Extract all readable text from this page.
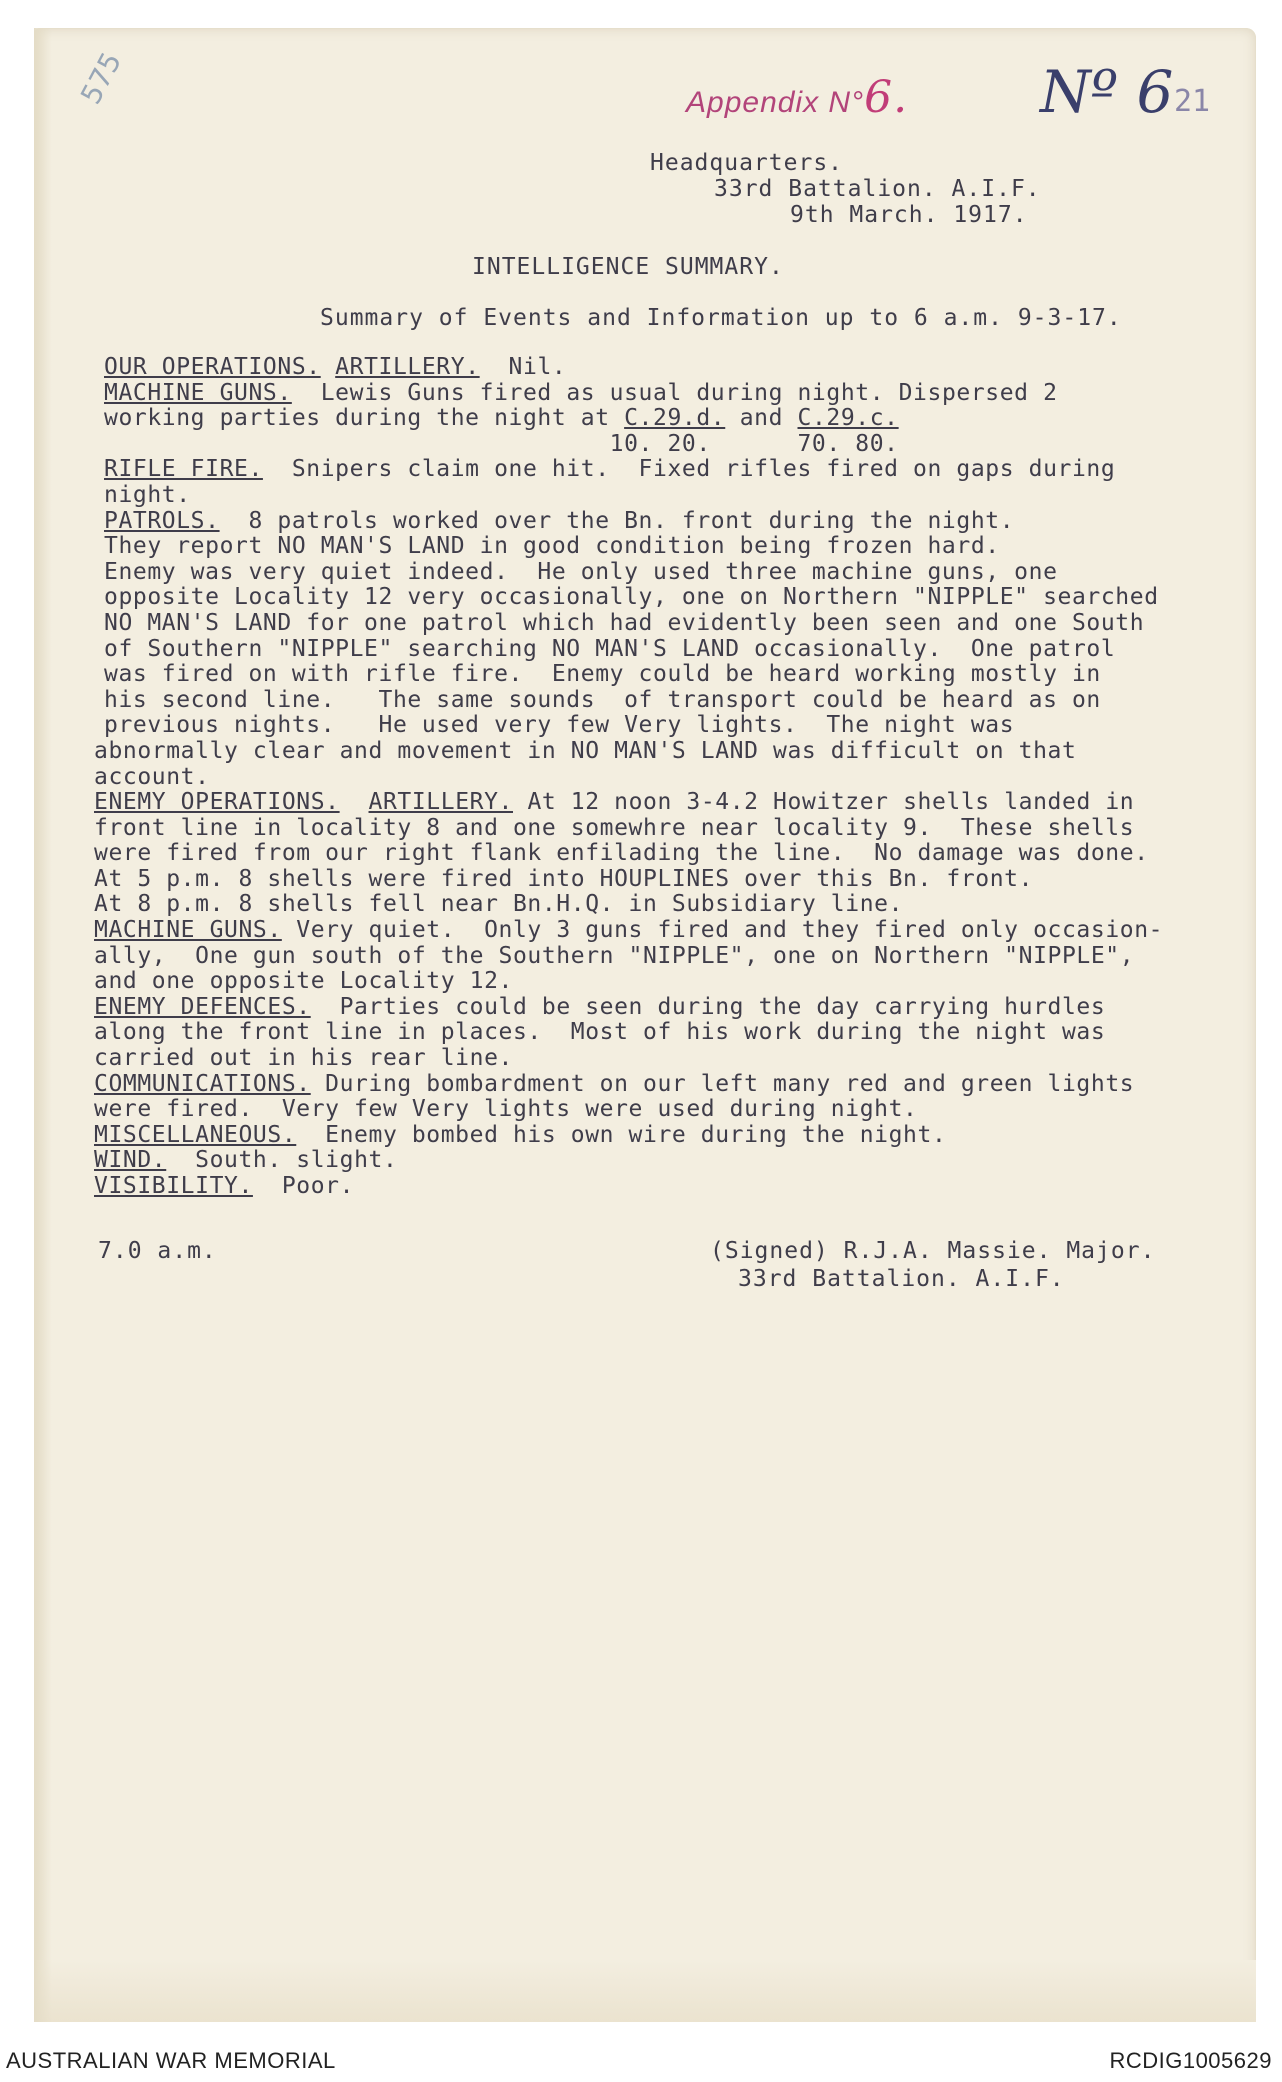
575	Appendix N°6. Nº 6 21

Headquarters.

33rd Battalion. A.I.F.

9th March. 1917.

INTELLIGENCE SUMMARY.
Summary of Events and Information up to 6 a.m. 9-3-17.
OUR OPERATIONS. ARTILLERY.  Nil.
MACHINE GUNS.  Lewis Guns fired as usual during night. Dispersed 2
working parties during the night at C.29.d. and C.29.c.
10. 20.      70. 80.
RIFLE FIRE.  Snipers claim one hit.  Fixed rifles fired on gaps during
night.
PATROLS.  8 patrols worked over the Bn. front during the night.
They report NO MAN'S LAND in good condition being frozen hard.
Enemy was very quiet indeed.  He only used three machine guns, one
opposite Locality 12 very occasionally, one on Northern "NIPPLE" searched
NO MAN'S LAND for one patrol which had evidently been seen and one South
of Southern "NIPPLE" searching NO MAN'S LAND occasionally.  One patrol
was fired on with rifle fire.  Enemy could be heard working mostly in
his second line.   The same sounds  of transport could be heard as on
previous nights.   He used very few Very lights.  The night was
abnormally clear and movement in NO MAN'S LAND was difficult on that
account.
ENEMY OPERATIONS. ARTILLERY. At 12 noon 3-4.2 Howitzer shells landed in
front line in locality 8 and one somewhre near locality 9.  These shells
were fired from our right flank enfilading the line.  No damage was done.
At 5 p.m. 8 shells were fired into HOUPLINES over this Bn. front.
At 8 p.m. 8 shells fell near Bn.H.Q. in Subsidiary line.
MACHINE GUNS. Very quiet.  Only 3 guns fired and they fired only occasion-
ally,  One gun south of the Southern "NIPPLE", one on Northern "NIPPLE",
and one opposite Locality 12.
ENEMY DEFENCES.  Parties could be seen during the day carrying hurdles
along the front line in places.  Most of his work during the night was
carried out in his rear line.
COMMUNICATIONS. During bombardment on our left many red and green lights
were fired.  Very few Very lights were used during night.
MISCELLANEOUS.  Enemy bombed his own wire during the night.
WIND.  South. slight.
VISIBILITY.  Poor.
7.0 a.m.	(Signed) R.J.A. Massie. Major.
33rd Battalion. A.I.F.
AUSTRALIAN WAR MEMORIAL	RCDIG1005629
